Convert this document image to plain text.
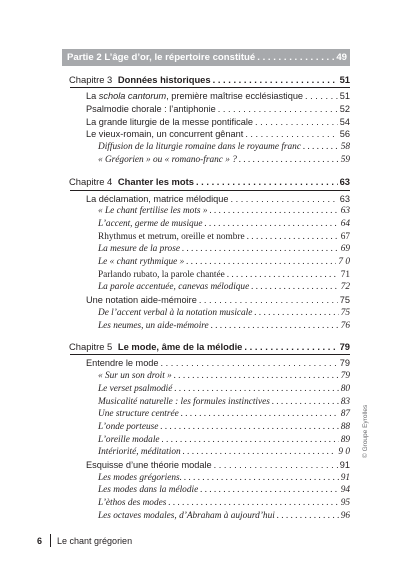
Partie 2 L’âge d’or, le répertoire constitué . . .	49
Chapitre 3 Données historiques . . .	51
La schola cantorum, première maîtrise ecclésiastique . . .	51
Psalmodie chorale : l’antiphonie . . .	52
La grande liturgie de la messe pontificale . . .	54
Le vieux-romain, un concurrent gênant . . .	56
Diffusion de la liturgie romaine dans le royaume franc . . .	58
« Grégorien » ou « romano-franc » ? . . .	59
Chapitre 4 Chanter les mots . . .	63
La déclamation, matrice mélodique . . .	63
« Le chant fertilise les mots » . . .	63
L’accent, germe de musique . . .	64
Rhythmus et metrum, oreille et nombre . . .	67
La mesure de la prose . . .	69
Le « chant rythmique » . . .	7 0
Parlando rubato, la parole chantée . . .	71
La parole accentuée, canevas mélodique . . .	72
Une notation aide-mémoire . . .	75
De l’accent verbal à la notation musicale . . .	75
Les neumes, un aide-mémoire . . .	76
Chapitre 5 Le mode, âme de la mélodie . . .	79
Entendre le mode . . .	79
« Sur un son droit » . . .	79
Le verset psalmodié . . .	80
Musicalité naturelle : les formules instinctives . . .	83
Une structure centrée . . .	87
L’onde porteuse . . .	88
L’oreille modale . . .	89
Intériorité, méditation . . .	9 0
Esquisse d’une théorie modale . . .	91
Les modes grégoriens. . . .	91
Les modes dans la mélodie . . .	94
L’èthos des modes . . .	95
Les octaves modales, d’Abraham à aujourd’hui . . .	96
© Groupe Eyrolles
6 Le chant grégorien
